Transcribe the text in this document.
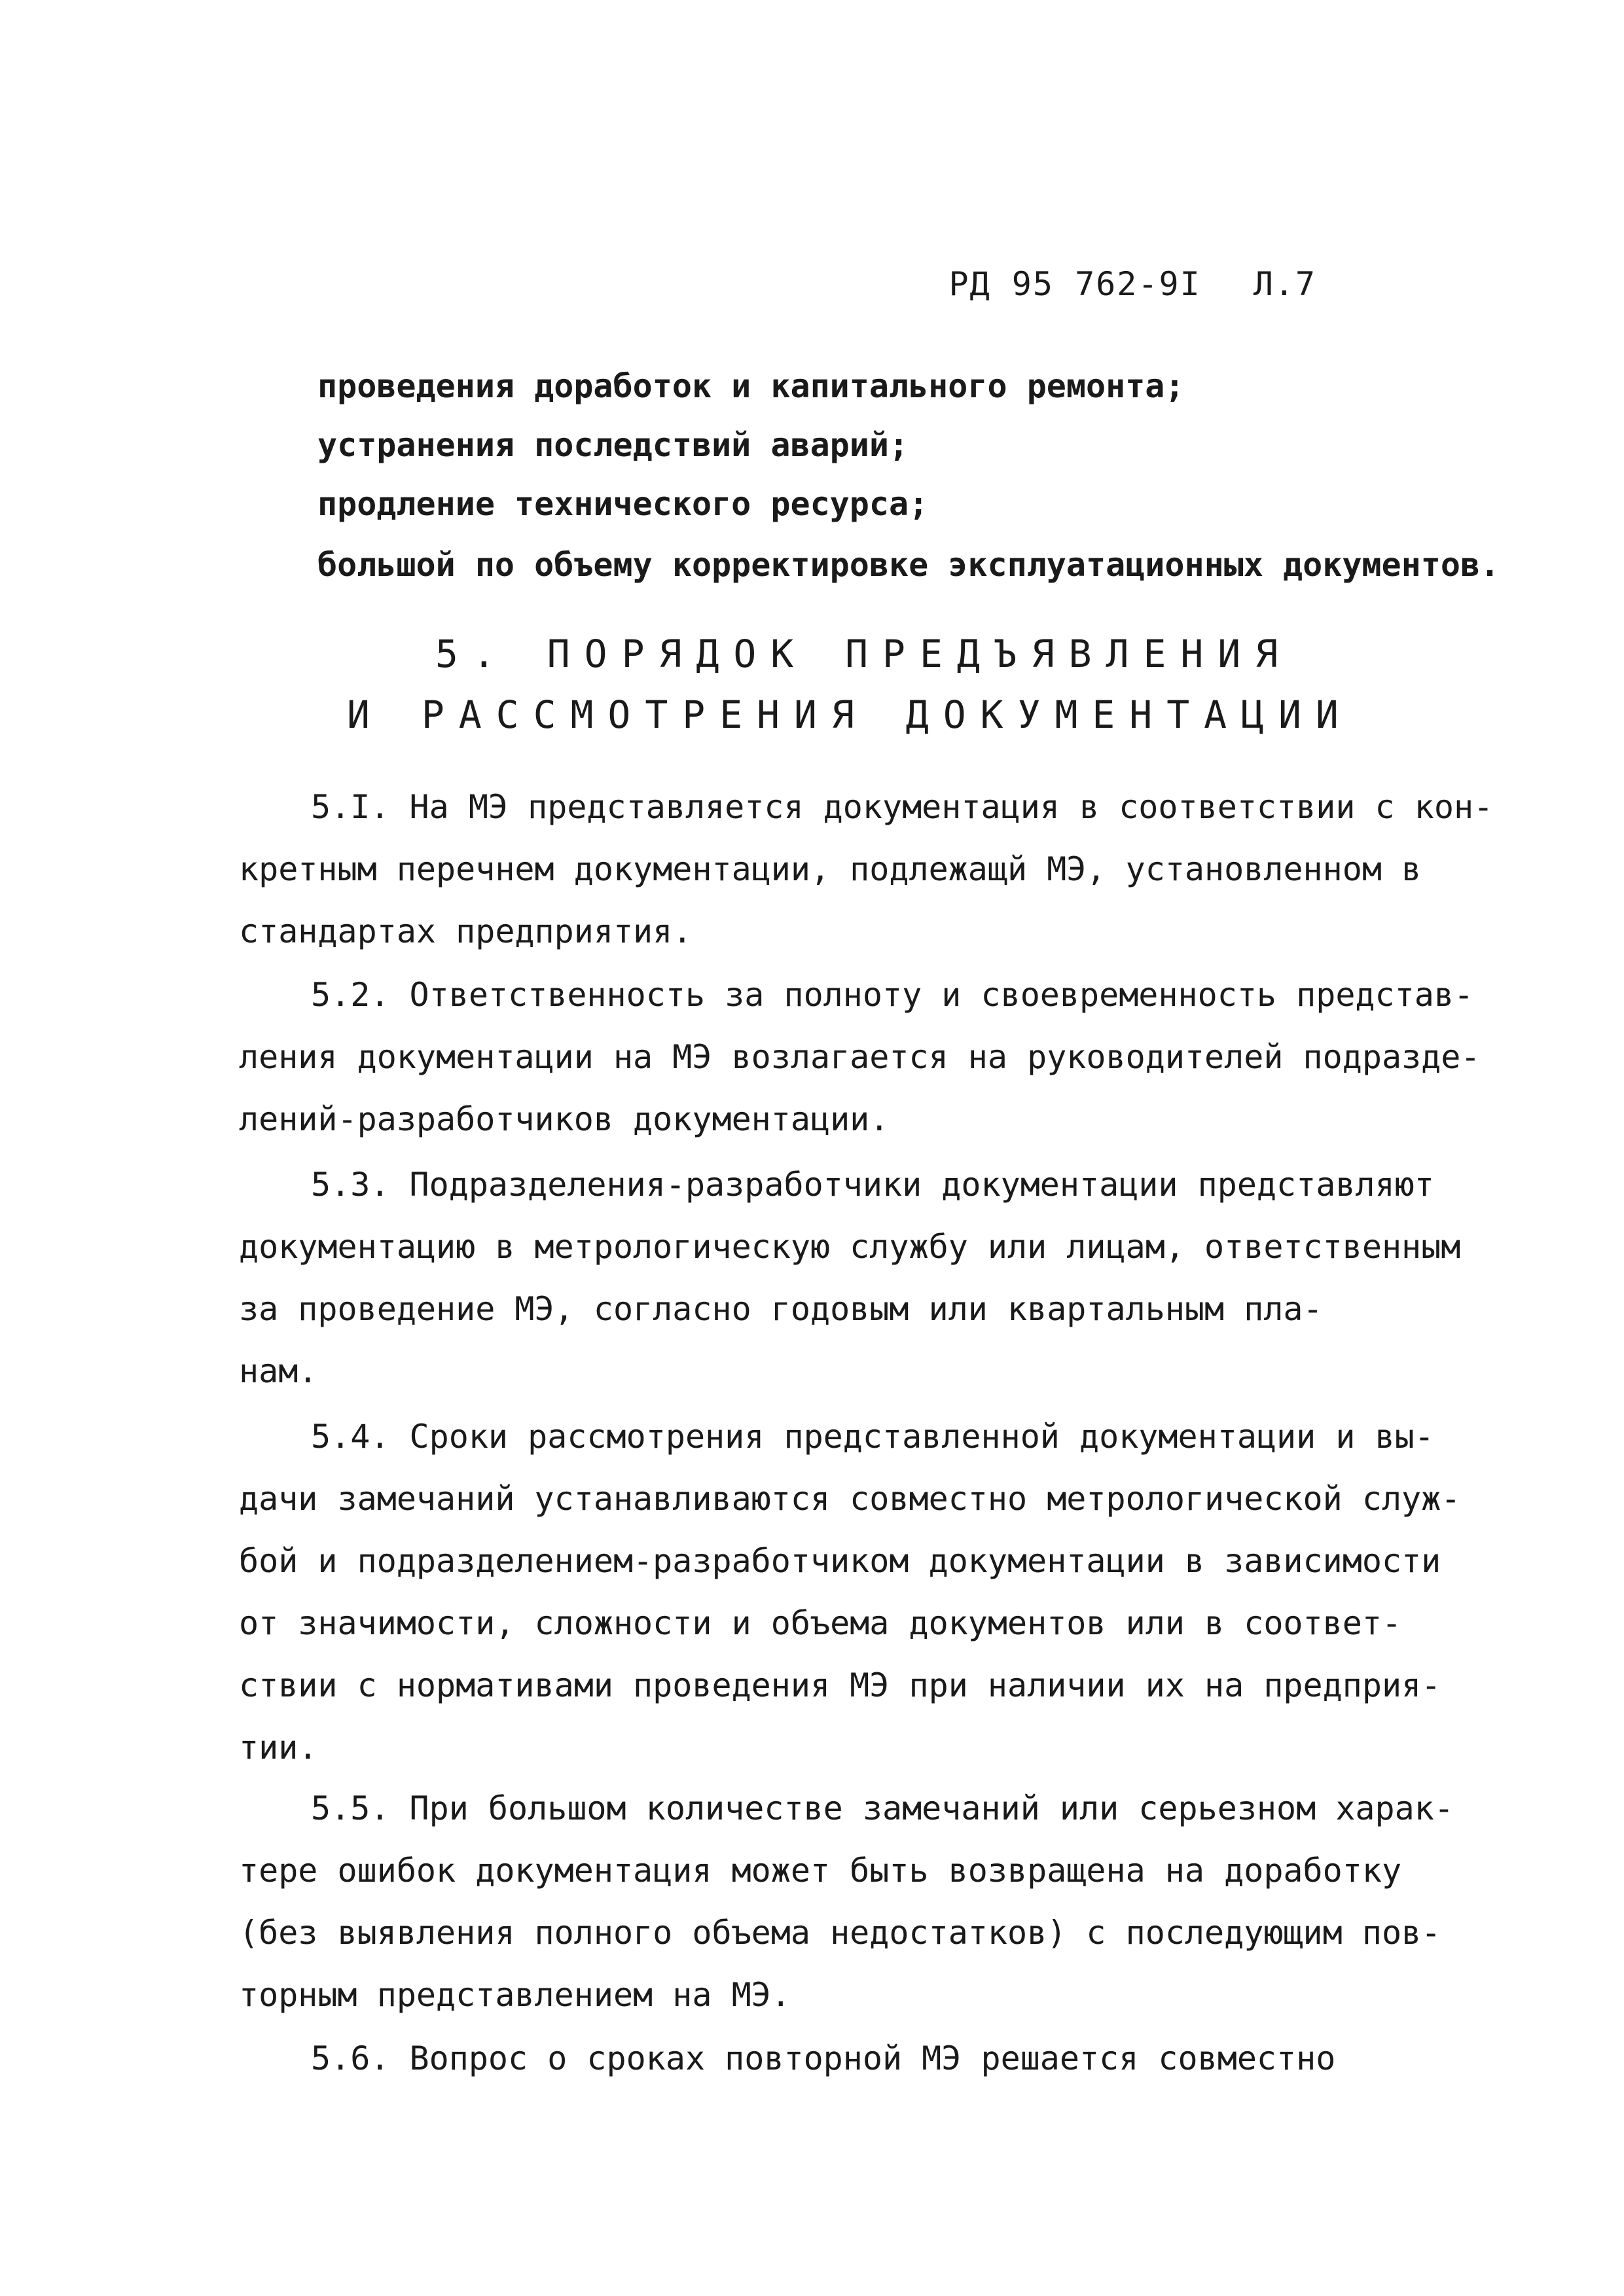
РД 95 762-9I Л.7
проведения доработок и капитального ремонта;
устранения последствий аварий;
продление технического ресурса;
большой по объему корректировке эксплуатационных документов.
5. ПОРЯДОК ПРЕДЪЯВЛЕНИЯ
И РАССМОТРЕНИЯ ДОКУМЕНТАЦИИ
5.I. На МЭ представляется документация в соответствии с кон-
кретным перечнем документации, подлежащй МЭ, установленном в
стандартах предприятия.
5.2. Ответственность за полноту и своевременность представ-
ления документации на МЭ возлагается на руководителей подразде-
лений-разработчиков документации.
5.3. Подразделения-разработчики документации представляют
документацию в метрологическую службу или лицам, ответственным
за проведение МЭ, согласно годовым или квартальным пла-
нам.
5.4. Сроки рассмотрения представленной документации и вы-
дачи замечаний устанавливаются совместно метрологической служ-
бой и подразделением-разработчиком документации в зависимости
от значимости, сложности и объема документов или в соответ-
ствии с нормативами проведения МЭ при наличии их на предприя-
тии.
5.5. При большом количестве замечаний или серьезном харак-
тере ошибок документация может быть возвращена на доработку
(без выявления полного объема недостатков) с последующим пов-
торным представлением на МЭ.
5.6. Вопрос о сроках повторной МЭ решается совместно
